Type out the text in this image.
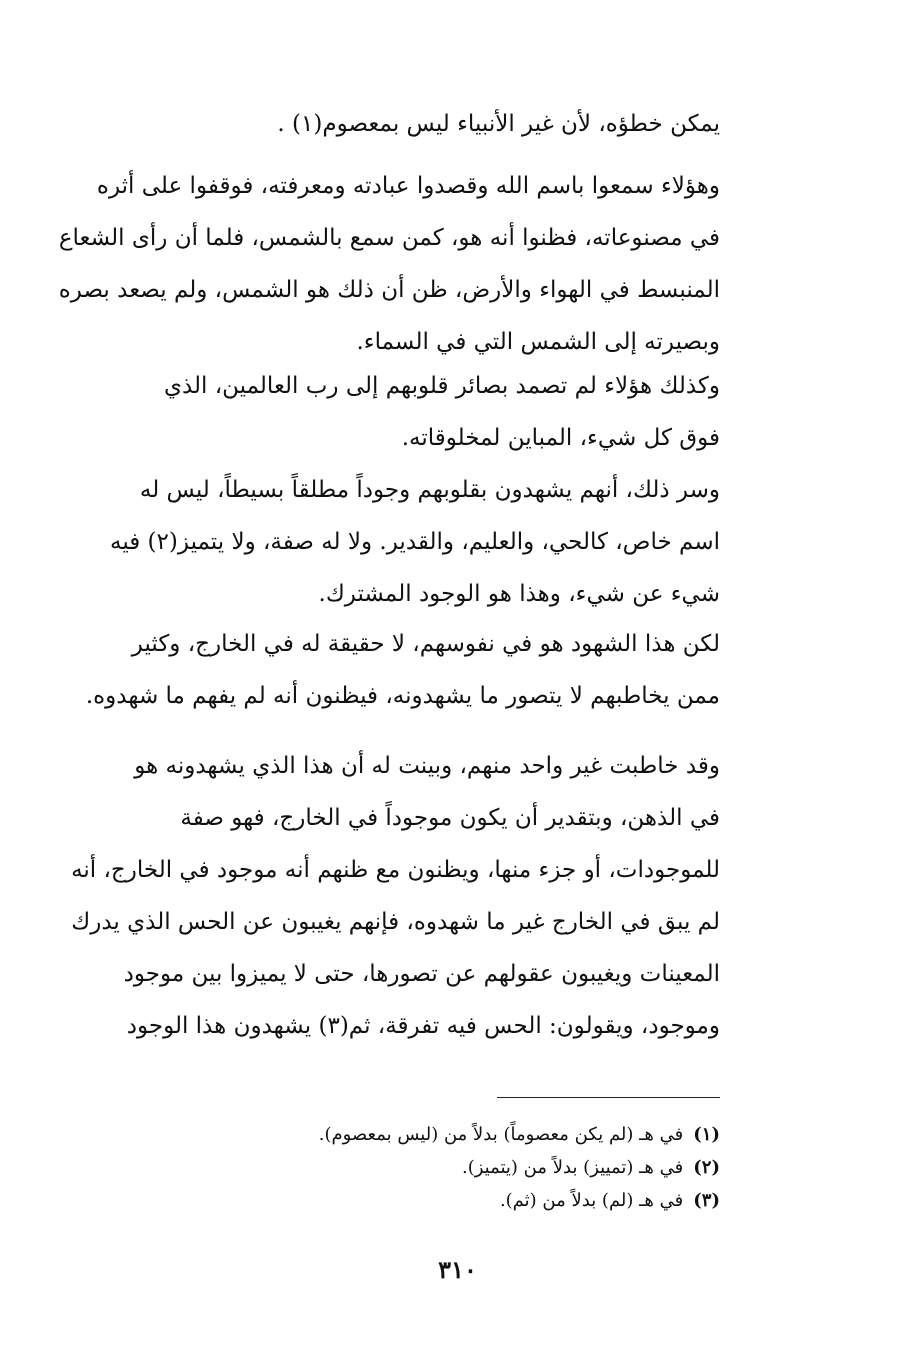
يمكن خطؤه، لأن غير الأنبياء ليس بمعصوم(١) .

وهؤلاء سمعوا باسم الله وقصدوا عبادته ومعرفته، فوقفوا على أثره

في مصنوعاته، فظنوا أنه هو، كمن سمع بالشمس، فلما أن رأى الشعاع

المنبسط في الهواء والأرض، ظن أن ذلك هو الشمس، ولم يصعد بصره

وبصيرته إلى الشمس التي في السماء.

وكذلك هؤلاء لم تصمد بصائر قلوبهم إلى رب العالمين، الذي

فوق كل شيء، المباين لمخلوقاته.

وسر ذلك، أنهم يشهدون بقلوبهم وجوداً مطلقاً بسيطاً، ليس له

اسم خاص، كالحي، والعليم، والقدير. ولا له صفة، ولا يتميز(٢) فيه

شيء عن شيء، وهذا هو الوجود المشترك.

لكن هذا الشهود هو في نفوسهم، لا حقيقة له في الخارج، وكثير

ممن يخاطبهم لا يتصور ما يشهدونه، فيظنون أنه لم يفهم ما شهدوه.

وقد خاطبت غير واحد منهم، وبينت له أن هذا الذي يشهدونه هو

في الذهن، وبتقدير أن يكون موجوداً في الخارج، فهو صفة

للموجودات، أو جزء منها، ويظنون مع ظنهم أنه موجود في الخارج، أنه

لم يبق في الخارج غير ما شهدوه، فإنهم يغيبون عن الحس الذي يدرك

المعينات ويغيبون عقولهم عن تصورها، حتى لا يميزوا بين موجود

وموجود، ويقولون: الحس فيه تفرقة، ثم(٣) يشهدون هذا الوجود

(١)في هـ (لم يكن معصوماً) بدلاً من (ليس بمعصوم).
(٢)في هـ (تمييز) بدلاً من (يتميز).
(٣)في هـ (لم) بدلاً من (ثم).
٣١٠
